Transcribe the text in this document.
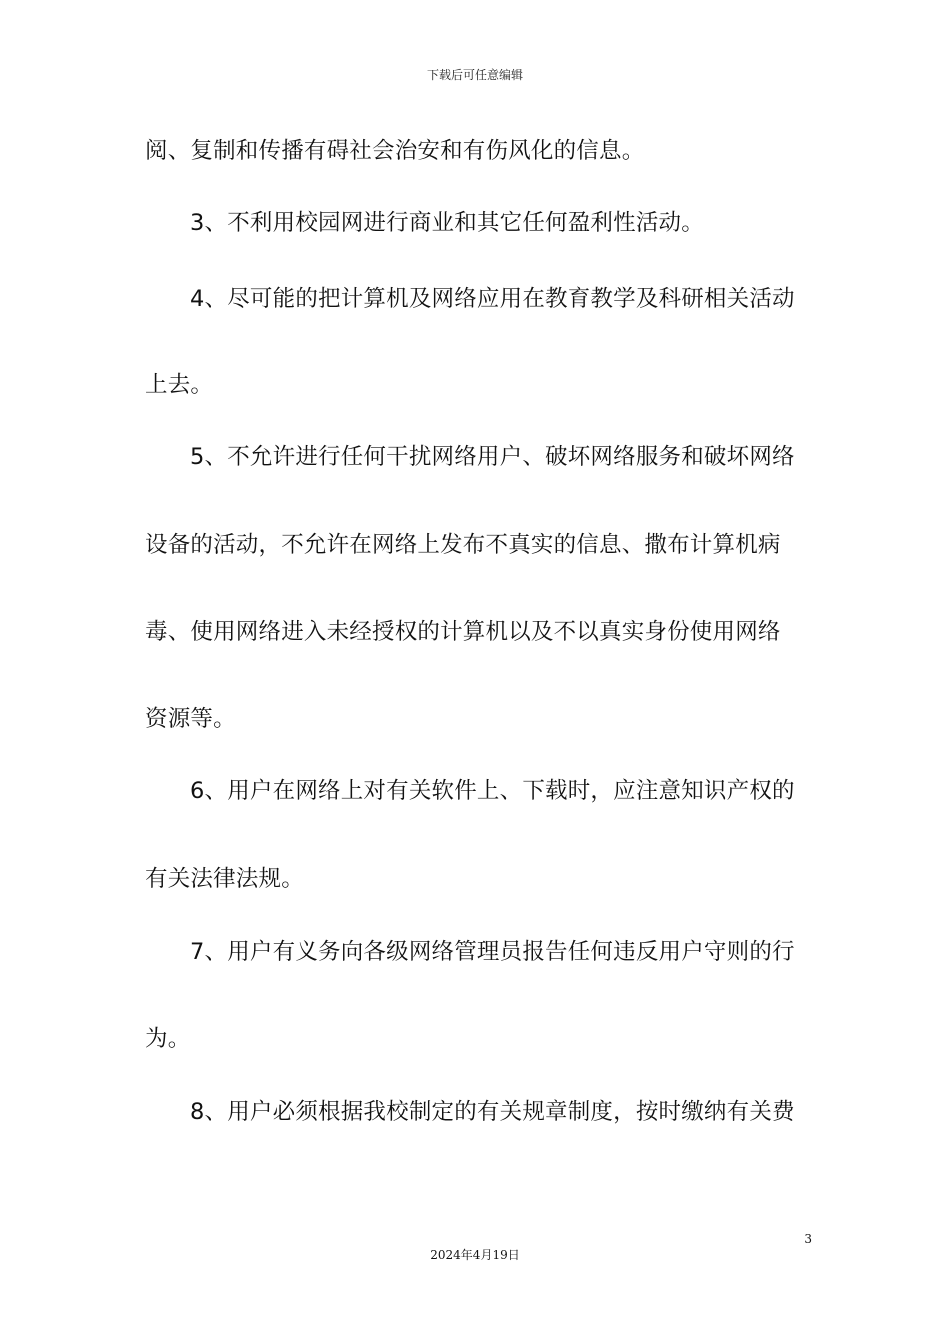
下载后可任意编辑
阅、复制和传播有碍社会治安和有伤风化的信息。
3、不利用校园网进行商业和其它任何盈利性活动。
4、尽可能的把计算机及网络应用在教育教学及科研相关活动
上去。
5、不允许进行任何干扰网络用户、破坏网络服务和破坏网络
设备的活动，不允许在网络上发布不真实的信息、撒布计算机病
毒、使用网络进入未经授权的计算机以及不以真实身份使用网络
资源等。
6、用户在网络上对有关软件上、下载时，应注意知识产权的
有关法律法规。
7、用户有义务向各级网络管理员报告任何违反用户守则的行
为。
8、用户必须根据我校制定的有关规章制度，按时缴纳有关费
3
2024年4月19日
